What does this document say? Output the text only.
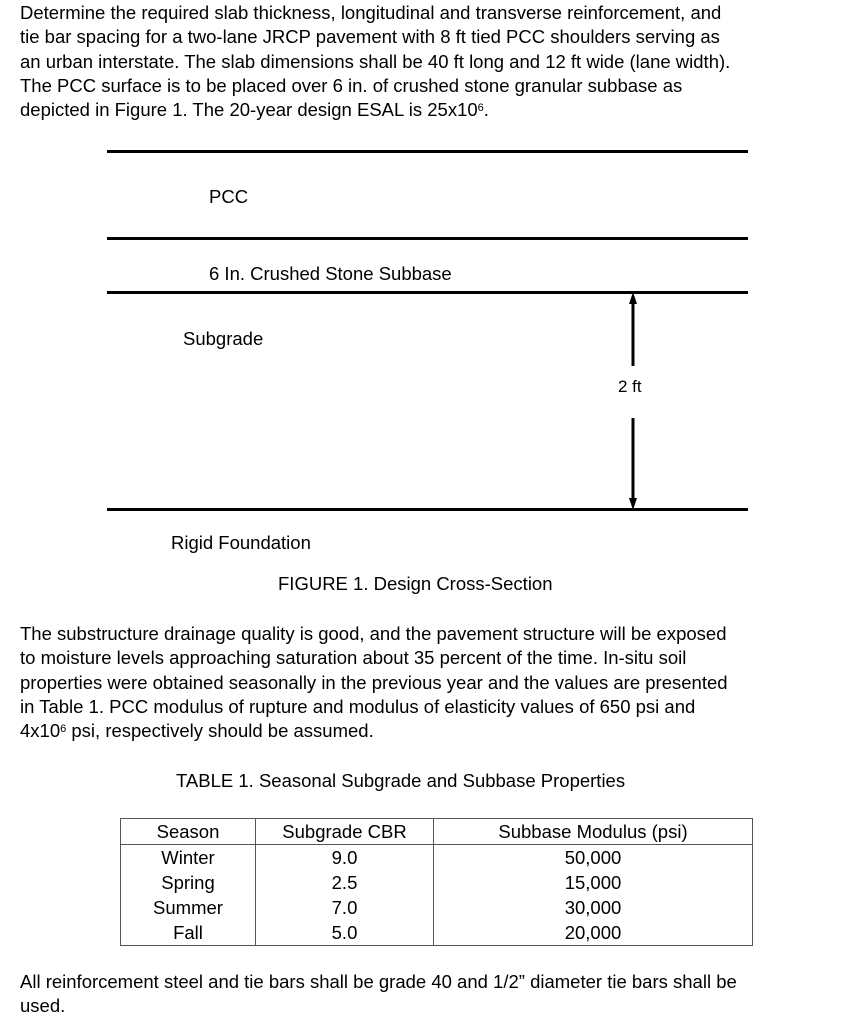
Determine the required slab thickness, longitudinal and transverse reinforcement, and
tie bar spacing for a two-lane JRCP pavement with 8 ft tied PCC shoulders serving as
an urban interstate. The slab dimensions shall be 40 ft long and 12 ft wide (lane width).
The PCC surface is to be placed over 6 in. of crushed stone granular subbase as
depicted in Figure 1. The 20-year design ESAL is $25x10^6$.
PCC
6 In. Crushed Stone Subbase
Subgrade
2 ft
Rigid Foundation
FIGURE 1. Design Cross-Section
The substructure drainage quality is good, and the pavement structure will be exposed
to moisture levels approaching saturation about 35 percent of the time. In-situ soil
properties were obtained seasonally in the previous year and the values are presented
in Table 1. PCC modulus of rupture and modulus of elasticity values of 650 psi and
$4x10^6$ psi, respectively should be assumed.
TABLE 1. Seasonal Subgrade and Subbase Properties
Season	Subgrade CBR	Subbase Modulus (psi)
Winter	9.0	50,000
Spring	2.5	15,000
Summer	7.0	30,000
Fall	5.0	20,000
All reinforcement steel and tie bars shall be grade 40 and 1/2” diameter tie bars shall be
used.
